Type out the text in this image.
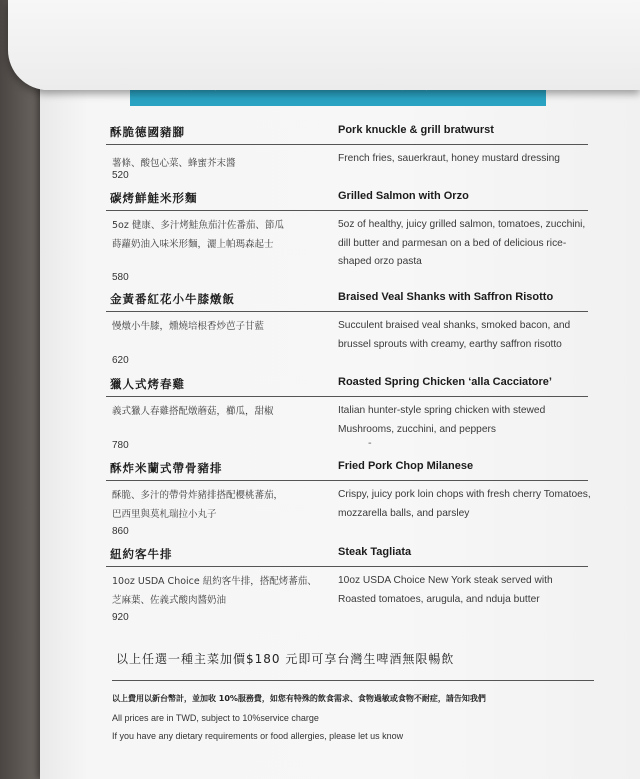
酥脆德國豬腳	Pork knuckle & grill bratwurst
薯條、酸包心菜、蜂蜜芥末醬	French fries, sauerkraut, honey mustard dressing
520
碳烤鮮鮭米形麵	Grilled Salmon with Orzo
5oz 健康、多汁烤鮭魚茄汁佐番茄、節瓜
蒔蘿奶油入味米形麵，灑上帕瑪森起士
5oz of healthy, juicy grilled salmon, tomatoes, zucchini, dill butter and parmesan on a bed of delicious rice-shaped orzo pasta
580
金黃番紅花小牛膝燉飯	Braised Veal Shanks with Saffron Risotto
慢燉小牛膝，燻燒培根香炒芭子甘藍	Succulent braised veal shanks, smoked bacon, and brussel sprouts with creamy, earthy saffron risotto
620
獵人式烤春雞	Roasted Spring Chicken ‘alla Cacciatore’
義式獵人春雞搭配燉蘑菇，櫛瓜，甜椒	Italian hunter-style spring chicken with stewed Mushrooms, zucchini, and peppers
780	-
酥炸米蘭式帶骨豬排	Fried Pork Chop Milanese
酥脆、多汁的帶骨炸豬排搭配櫻桃蕃茄，
巴西里與莫札瑞拉小丸子
Crispy, juicy pork loin chops with fresh cherry Tomatoes, mozzarella balls, and parsley
860
紐約客牛排	Steak Tagliata
10oz USDA Choice 紐約客牛排，搭配烤蕃茄、
芝麻葉、佐義式酸肉醬奶油
10oz USDA Choice New York steak served with Roasted tomatoes, arugula, and nduja butter
920
以上任選一種主菜加價$180 元即可享台灣生啤酒無限暢飲
以上費用以新台幣計，並加收 10%服務費，如您有特殊的飲食需求、食物過敏或食物不耐症，請告知我們
All prices are in TWD, subject to 10%service charge
If you have any dietary requirements or food allergies, please let us know
